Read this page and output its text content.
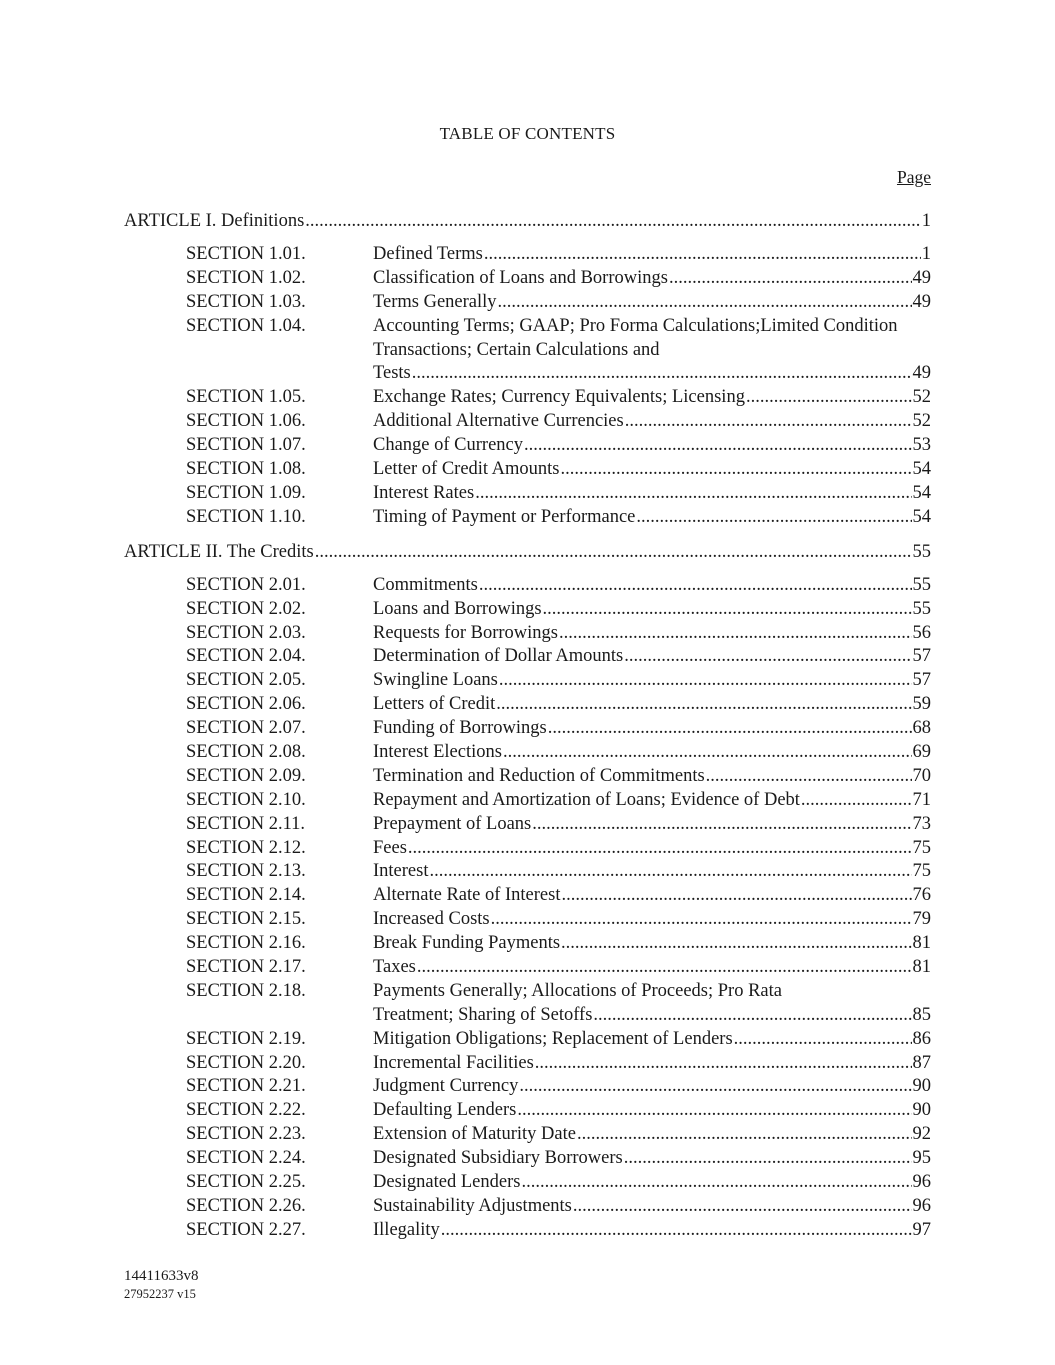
TABLE OF CONTENTS
Page
ARTICLE I. Definitions .....	1
SECTION 1.01.	Defined Terms .....	1
SECTION 1.02.	Classification of Loans and Borrowings .....	49
SECTION 1.03.	Terms Generally .....	49
SECTION 1.04.	Accounting Terms; GAAP; Pro Forma Calculations;Limited Condition Transactions; Certain Calculations and
Tests .....	49
SECTION 1.05.	Exchange Rates; Currency Equivalents; Licensing .....	52
SECTION 1.06.	Additional Alternative Currencies .....	52
SECTION 1.07.	Change of Currency .....	53
SECTION 1.08.	Letter of Credit Amounts .....	54
SECTION 1.09.	Interest Rates .....	54
SECTION 1.10.	Timing of Payment or Performance .....	54
ARTICLE II. The Credits .....	55
SECTION 2.01.	Commitments .....	55
SECTION 2.02.	Loans and Borrowings .....	55
SECTION 2.03.	Requests for Borrowings .....	56
SECTION 2.04.	Determination of Dollar Amounts .....	57
SECTION 2.05.	Swingline Loans .....	57
SECTION 2.06.	Letters of Credit .....	59
SECTION 2.07.	Funding of Borrowings .....	68
SECTION 2.08.	Interest Elections .....	69
SECTION 2.09.	Termination and Reduction of Commitments .....	70
SECTION 2.10.	Repayment and Amortization of Loans; Evidence of Debt .....	71
SECTION 2.11.	Prepayment of Loans .....	73
SECTION 2.12.	Fees .....	75
SECTION 2.13.	Interest .....	75
SECTION 2.14.	Alternate Rate of Interest .....	76
SECTION 2.15.	Increased Costs .....	79
SECTION 2.16.	Break Funding Payments .....	81
SECTION 2.17.	Taxes .....	81
SECTION 2.18.	Payments Generally; Allocations of Proceeds; Pro Rata
Treatment; Sharing of Setoffs .....	85
SECTION 2.19.	Mitigation Obligations; Replacement of Lenders .....	86
SECTION 2.20.	Incremental Facilities .....	87
SECTION 2.21.	Judgment Currency .....	90
SECTION 2.22.	Defaulting Lenders .....	90
SECTION 2.23.	Extension of Maturity Date .....	92
SECTION 2.24.	Designated Subsidiary Borrowers .....	95
SECTION 2.25.	Designated Lenders .....	96
SECTION 2.26.	Sustainability Adjustments .....	96
SECTION 2.27.	Illegality .....	97
14411633v8
27952237 v15
